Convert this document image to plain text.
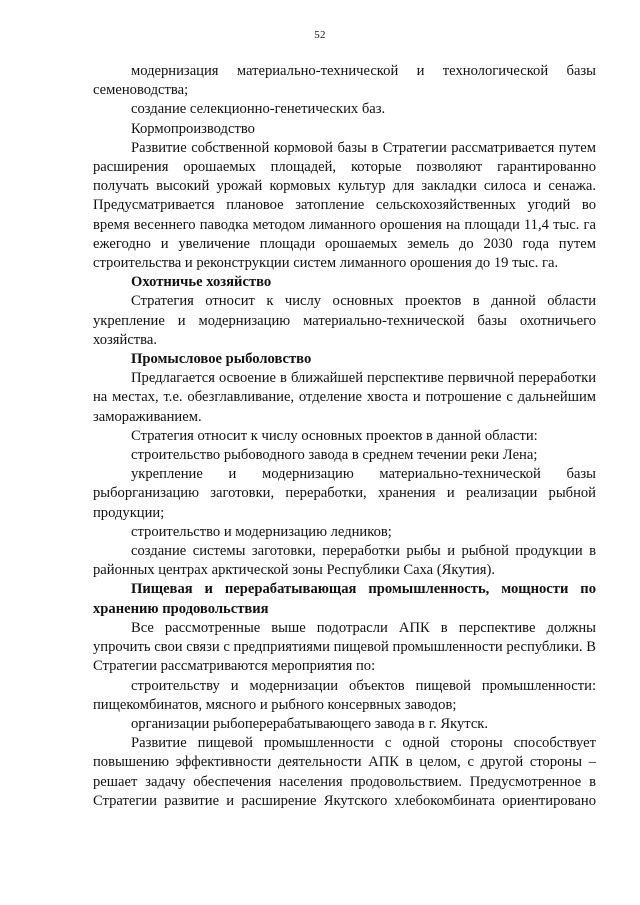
52

модернизация материально-технической и технологической базы семеноводства;

создание селекционно-генетических баз.

Кормопроизводство

Развитие собственной кормовой базы в Стратегии рассматривается путем расширения орошаемых площадей, которые позволяют гарантированно получать высокий урожай кормовых культур для закладки силоса и сенажа. Предусматривается плановое затопление сельскохозяйственных угодий во время весеннего паводка методом лиманного орошения на площади 11,4 тыс. га ежегодно и увеличение площади орошаемых земель до 2030 года путем строительства и реконструкции систем лиманного орошения до 19 тыс. га.

Охотничье хозяйство

Стратегия относит к числу основных проектов в данной области укрепление и модернизацию материально-технической базы охотничьего хозяйства.

Промысловое рыболовство

Предлагается освоение в ближайшей перспективе первичной переработки на местах, т.е. обезглавливание, отделение хвоста и потрошение с дальнейшим замораживанием.

Стратегия относит к числу основных проектов в данной области:

строительство рыбоводного завода в среднем течении реки Лена;

укрепление и модернизацию материально-технической базы рыборганизацию заготовки, переработки, хранения и реализации рыбной продукции;

строительство и модернизацию ледников;

создание системы заготовки, переработки рыбы и рыбной продукции в районных центрах арктической зоны Республики Саха (Якутия).

Пищевая и перерабатывающая промышленность, мощности по хранению продовольствия

Все рассмотренные выше подотрасли АПК в перспективе должны упрочить свои связи с предприятиями пищевой промышленности республики. В Стратегии рассматриваются мероприятия по:

строительству и модернизации объектов пищевой промышленности: пищекомбинатов, мясного и рыбного консервных заводов;

организации рыбоперерабатывающего завода в г. Якутск.

Развитие пищевой промышленности с одной стороны способствует повышению эффективности деятельности АПК в целом, с другой стороны – решает задачу обеспечения населения продовольствием. Предусмотренное в Стратегии развитие и расширение Якутского хлебокомбината ориентировано
